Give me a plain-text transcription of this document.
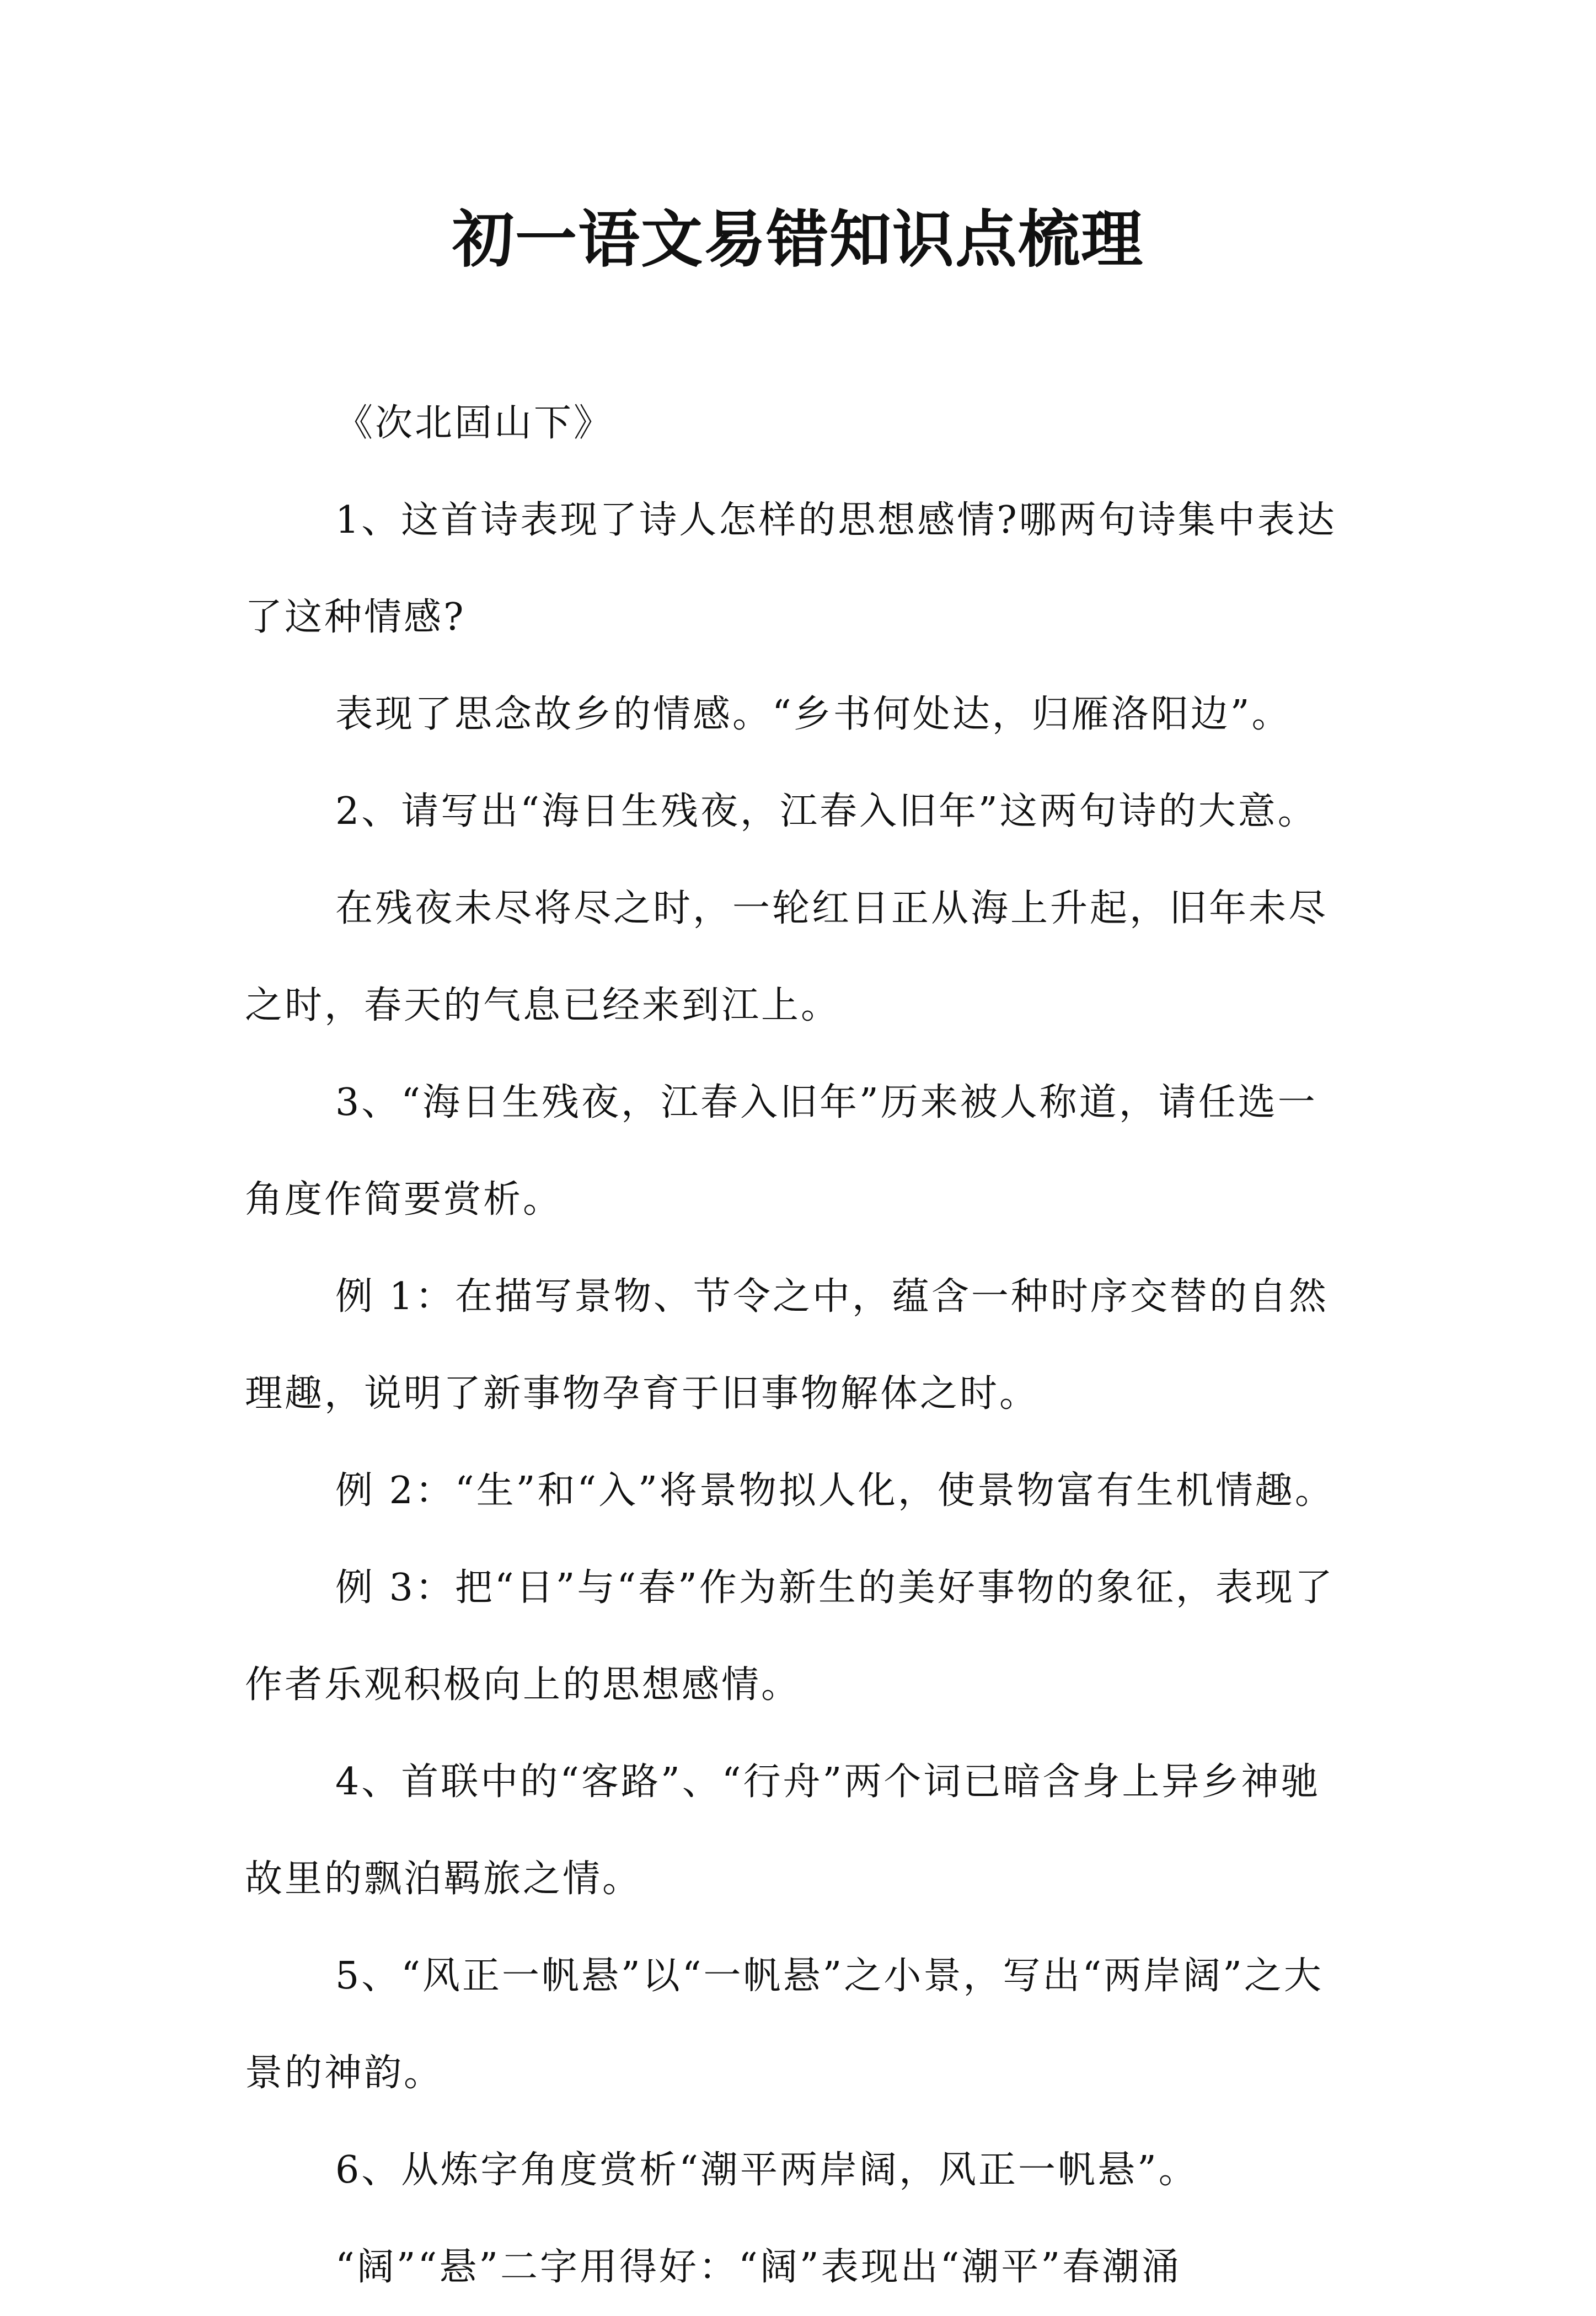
初一语文易错知识点梳理

《次北固山下》

1、这首诗表现了诗人怎样的思想感情?哪两句诗集中表达了这种情感?

表现了思念故乡的情感。“乡书何处达，归雁洛阳边”。

2、请写出“海日生残夜，江春入旧年”这两句诗的大意。

在残夜未尽将尽之时，一轮红日正从海上升起，旧年未尽之时，春天的气息已经来到江上。

3、“海日生残夜，江春入旧年”历来被人称道，请任选一角度作简要赏析。

例 1：在描写景物、节令之中，蕴含一种时序交替的自然理趣，说明了新事物孕育于旧事物解体之时。

例 2：“生”和“入”将景物拟人化，使景物富有生机情趣。

例 3：把“日”与“春”作为新生的美好事物的象征，表现了作者乐观积极向上的思想感情。

4、首联中的“客路”、“行舟”两个词已暗含身上异乡神驰故里的飘泊羁旅之情。

5、“风正一帆悬”以“一帆悬”之小景，写出“两岸阔”之大景的神韵。

6、从炼字角度赏析“潮平两岸阔，风正一帆悬”。

“阔”“悬”二字用得好：“阔”表现出“潮平”春潮涌
